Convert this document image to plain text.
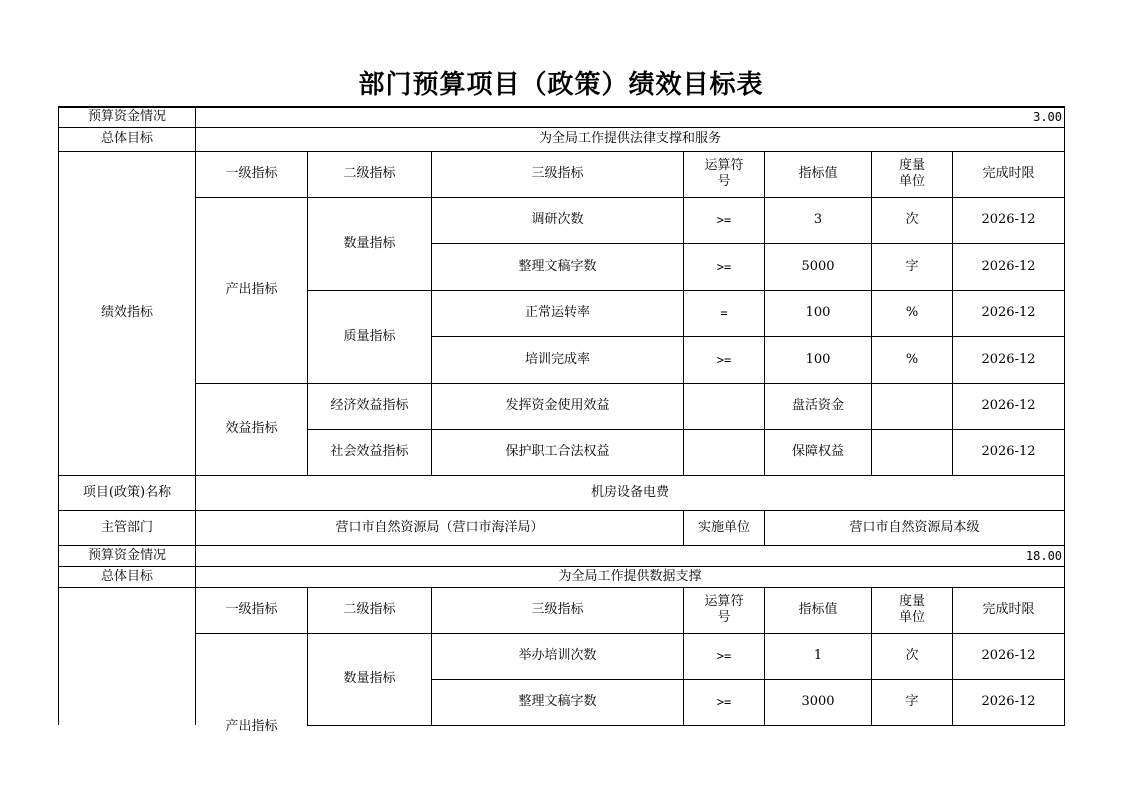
部门预算项目（政策）绩效目标表
预算资金情况	3.00						
总体目标	为全局工作提供法律支撑和服务						
绩效指标	一级指标	二级指标	三级指标	运算符号	指标值	度量单位	完成时限
	产出指标	数量指标	调研次数	>=	3	次	2026-12
			整理文稿字数	>=	5000	字	2026-12
		质量指标	正常运转率	=	100	%	2026-12
			培训完成率	>=	100	%	2026-12
	效益指标	经济效益指标	发挥资金使用效益		盘活资金		2026-12
		社会效益指标	保护职工合法权益		保障权益		2026-12
项目(政策)名称	机房设备电费						
主管部门	营口市自然资源局（营口市海洋局）			实施单位	营口市自然资源局本级		
预算资金情况	18.00						
总体目标	为全局工作提供数据支撑						
	一级指标	二级指标	三级指标	运算符号	指标值	度量单位	完成时限

	产出指标	数量指标	举办培训次数	>=	1	次	2026-12
			整理文稿字数	>=	3000	字	2026-12
